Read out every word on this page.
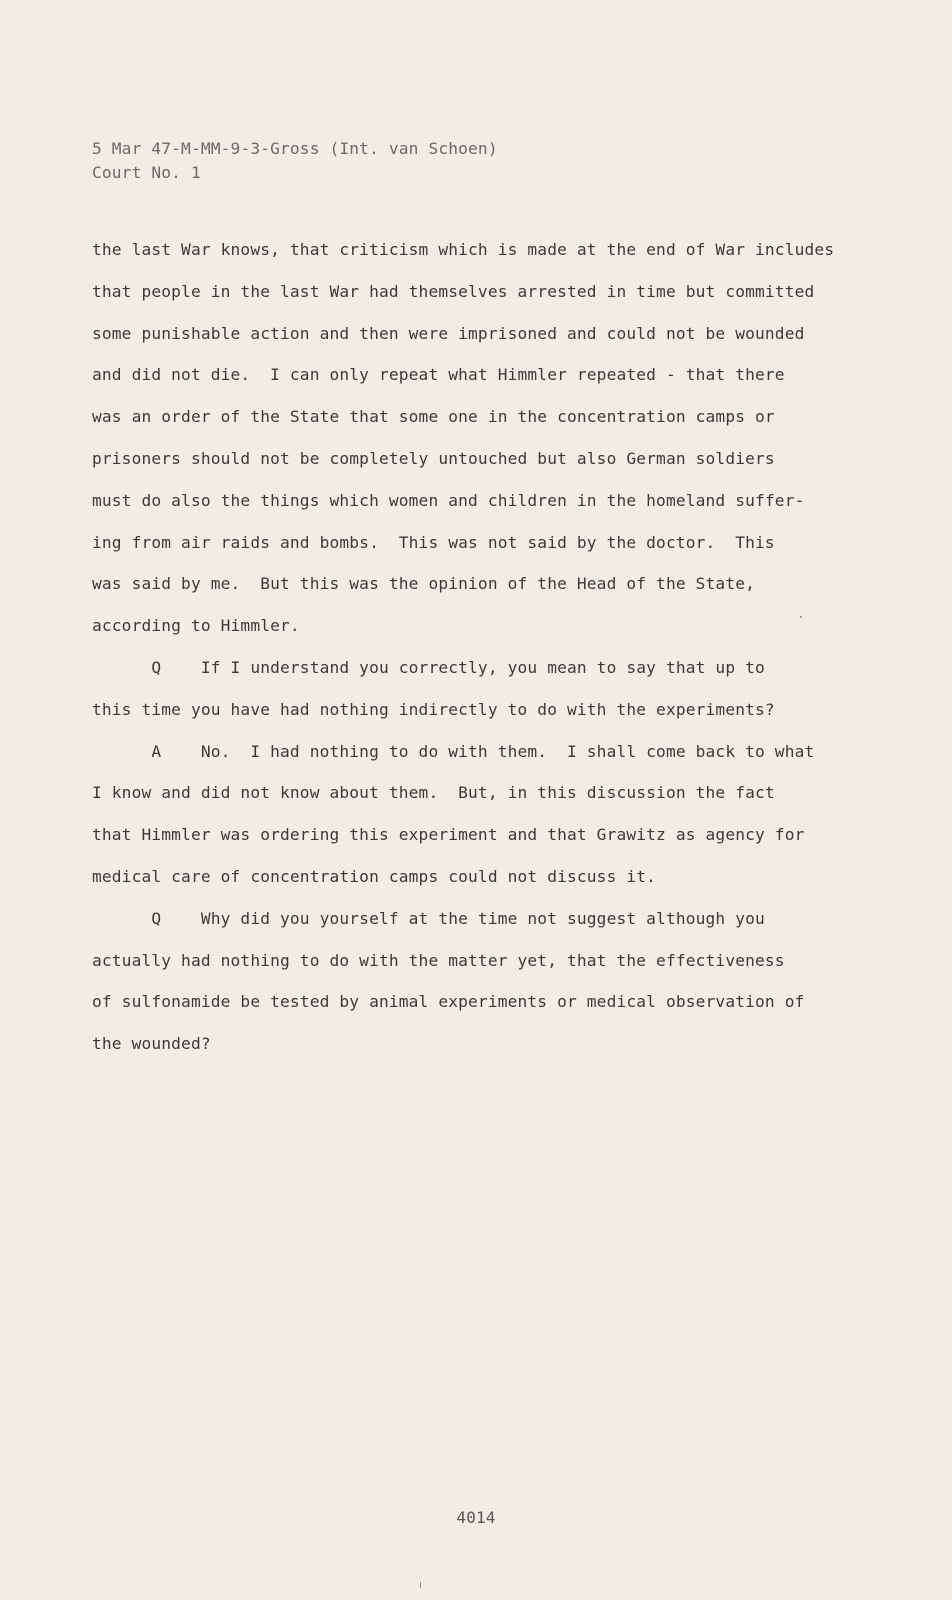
5 Mar 47-M-MM-9-3-Gross (Int. van Schoen)
Court No. 1
the last War knows, that criticism which is made at the end of War includes
that people in the last War had themselves arrested in time but committed
some punishable action and then were imprisoned and could not be wounded
and did not die.  I can only repeat what Himmler repeated - that there
was an order of the State that some one in the concentration camps or
prisoners should not be completely untouched but also German soldiers
must do also the things which women and children in the homeland suffer-
ing from air raids and bombs.  This was not said by the doctor.  This
was said by me.  But this was the opinion of the Head of the State,
according to Himmler.
Q    If I understand you correctly, you mean to say that up to
this time you have had nothing indirectly to do with the experiments?
A    No.  I had nothing to do with them.  I shall come back to what
I know and did not know about them.  But, in this discussion the fact
that Himmler was ordering this experiment and that Grawitz as agency for
medical care of concentration camps could not discuss it.
Q    Why did you yourself at the time not suggest although you
actually had nothing to do with the matter yet, that the effectiveness
of sulfonamide be tested by animal experiments or medical observation of
the wounded?
4014
